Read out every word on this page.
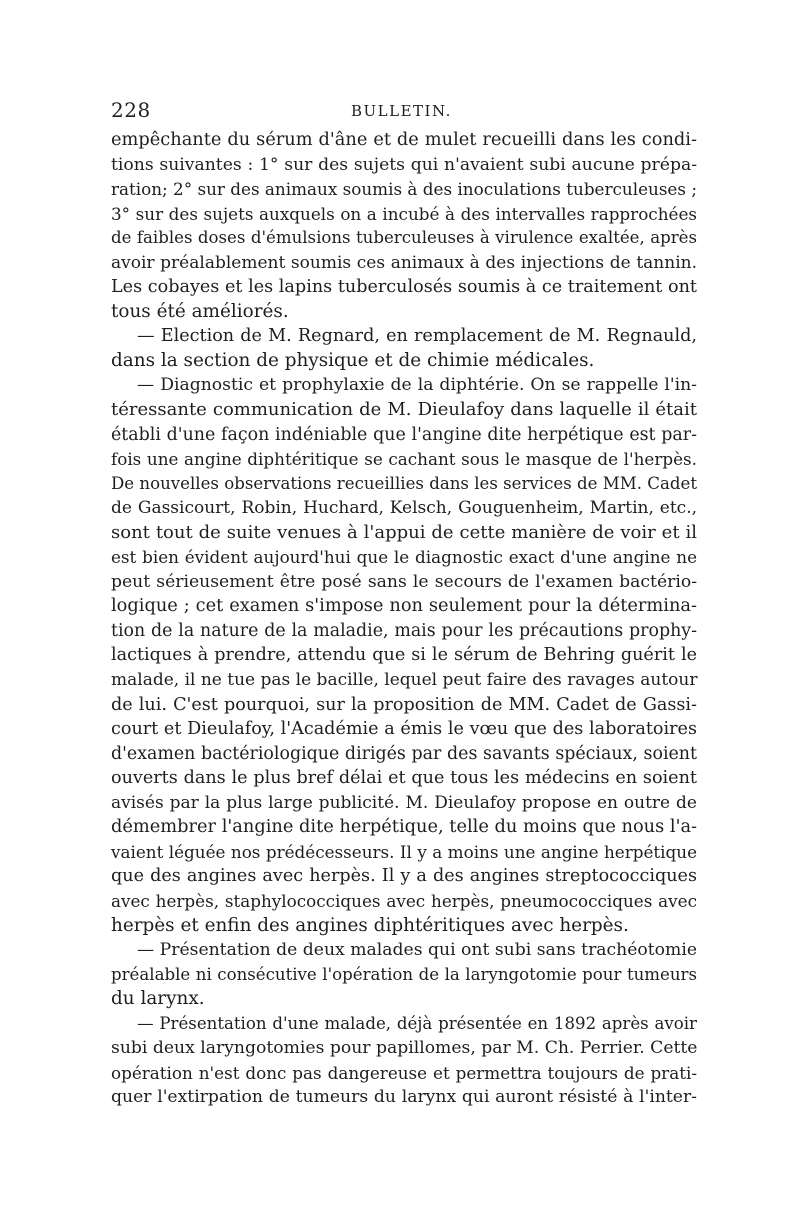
228	BULLETIN.
empêchante du sérum d'âne et de mulet recueilli dans les condi-
tions suivantes : 1° sur des sujets qui n'avaient subi aucune prépa-
ration; 2° sur des animaux soumis à des inoculations tuberculeuses ;
3° sur des sujets auxquels on a incubé à des intervalles rapprochées
de faibles doses d'émulsions tuberculeuses à virulence exaltée, après
avoir préalablement soumis ces animaux à des injections de tannin.
Les cobayes et les lapins tuberculosés soumis à ce traitement ont
tous été améliorés.
— Election de M. Regnard, en remplacement de M. Regnauld,
dans la section de physique et de chimie médicales.
— Diagnostic et prophylaxie de la diphtérie. On se rappelle l'in-
téressante communication de M. Dieulafoy dans laquelle il était
établi d'une façon indéniable que l'angine dite herpétique est par-
fois une angine diphtéritique se cachant sous le masque de l'herpès.
De nouvelles observations recueillies dans les services de MM. Cadet
de Gassicourt, Robin, Huchard, Kelsch, Gouguenheim, Martin, etc.,
sont tout de suite venues à l'appui de cette manière de voir et il
est bien évident aujourd'hui que le diagnostic exact d'une angine ne
peut sérieusement être posé sans le secours de l'examen bactério-
logique ; cet examen s'impose non seulement pour la détermina-
tion de la nature de la maladie, mais pour les précautions prophy-
lactiques à prendre, attendu que si le sérum de Behring guérit le
malade, il ne tue pas le bacille, lequel peut faire des ravages autour
de lui. C'est pourquoi, sur la proposition de MM. Cadet de Gassi-
court et Dieulafoy, l'Académie a émis le vœu que des laboratoires
d'examen bactériologique dirigés par des savants spéciaux, soient
ouverts dans le plus bref délai et que tous les médecins en soient
avisés par la plus large publicité. M. Dieulafoy propose en outre de
démembrer l'angine dite herpétique, telle du moins que nous l'a-
vaient léguée nos prédécesseurs. Il y a moins une angine herpétique
que des angines avec herpès. Il y a des angines streptococciques
avec herpès, staphylococciques avec herpès, pneumococciques avec
herpès et enfin des angines diphtéritiques avec herpès.
— Présentation de deux malades qui ont subi sans trachéotomie
préalable ni consécutive l'opération de la laryngotomie pour tumeurs
du larynx.
— Présentation d'une malade, déjà présentée en 1892 après avoir
subi deux laryngotomies pour papillomes, par M. Ch. Perrier. Cette
opération n'est donc pas dangereuse et permettra toujours de prati-
quer l'extirpation de tumeurs du larynx qui auront résisté à l'inter-
